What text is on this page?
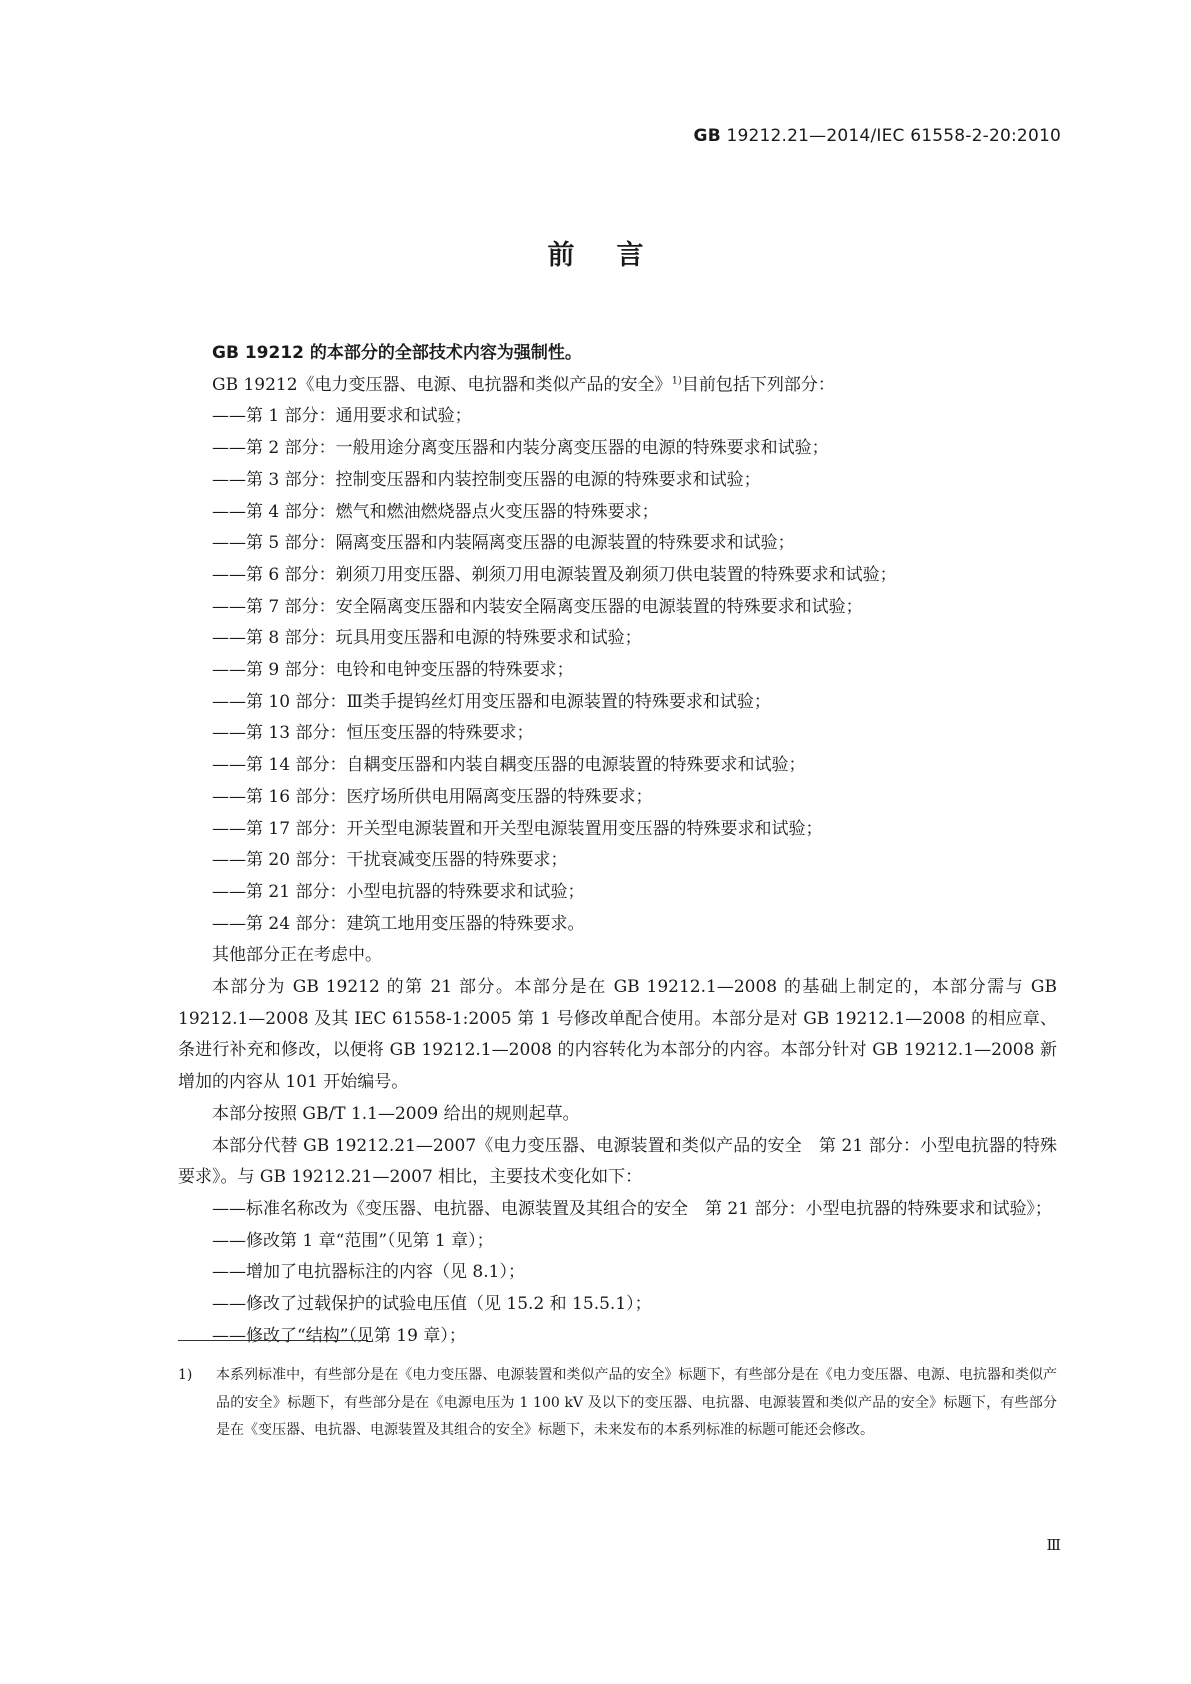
GB 19212.21—2014/IEC 61558-2-20:2010
前言

GB 19212 的本部分的全部技术内容为强制性。

GB 19212《电力变压器、电源、电抗器和类似产品的安全》$^{1)}$目前包括下列部分：

——第 1 部分：通用要求和试验；

——第 2 部分：一般用途分离变压器和内装分离变压器的电源的特殊要求和试验；

——第 3 部分：控制变压器和内装控制变压器的电源的特殊要求和试验；

——第 4 部分：燃气和燃油燃烧器点火变压器的特殊要求；

——第 5 部分：隔离变压器和内装隔离变压器的电源装置的特殊要求和试验；

——第 6 部分：剃须刀用变压器、剃须刀用电源装置及剃须刀供电装置的特殊要求和试验；

——第 7 部分：安全隔离变压器和内装安全隔离变压器的电源装置的特殊要求和试验；

——第 8 部分：玩具用变压器和电源的特殊要求和试验；

——第 9 部分：电铃和电钟变压器的特殊要求；

——第 10 部分：Ⅲ类手提钨丝灯用变压器和电源装置的特殊要求和试验；

——第 13 部分：恒压变压器的特殊要求；

——第 14 部分：自耦变压器和内装自耦变压器的电源装置的特殊要求和试验；

——第 16 部分：医疗场所供电用隔离变压器的特殊要求；

——第 17 部分：开关型电源装置和开关型电源装置用变压器的特殊要求和试验；

——第 20 部分：干扰衰减变压器的特殊要求；

——第 21 部分：小型电抗器的特殊要求和试验；

——第 24 部分：建筑工地用变压器的特殊要求。

其他部分正在考虑中。

本部分为 GB 19212 的第 21 部分。本部分是在 GB 19212.1—2008 的基础上制定的，本部分需与 GB 19212.1—2008 及其 IEC 61558-1:2005 第 1 号修改单配合使用。本部分是对 GB 19212.1—2008 的相应章、条进行补充和修改，以便将 GB 19212.1—2008 的内容转化为本部分的内容。本部分针对 GB 19212.1—2008 新增加的内容从 101 开始编号。

本部分按照 GB/T 1.1—2009 给出的规则起草。

本部分代替 GB 19212.21—2007《电力变压器、电源装置和类似产品的安全　第 21 部分：小型电抗器的特殊要求》。与 GB 19212.21—2007 相比，主要技术变化如下：

——标准名称改为《变压器、电抗器、电源装置及其组合的安全　第 21 部分：小型电抗器的特殊要求和试验》；

——修改第 1 章“范围”（见第 1 章）；

——增加了电抗器标注的内容（见 8.1）；

——修改了过载保护的试验电压值（见 15.2 和 15.5.1）；

——修改了“结构”（见第 19 章）；

1)	本系列标准中，有些部分是在《电力变压器、电源装置和类似产品的安全》标题下，有些部分是在《电力变压器、电源、电抗器和类似产品的安全》标题下，有些部分是在《电源电压为 1 100 kV 及以下的变压器、电抗器、电源装置和类似产品的安全》标题下，有些部分是在《变压器、电抗器、电源装置及其组合的安全》标题下，未来发布的本系列标准的标题可能还会修改。
Ⅲ
